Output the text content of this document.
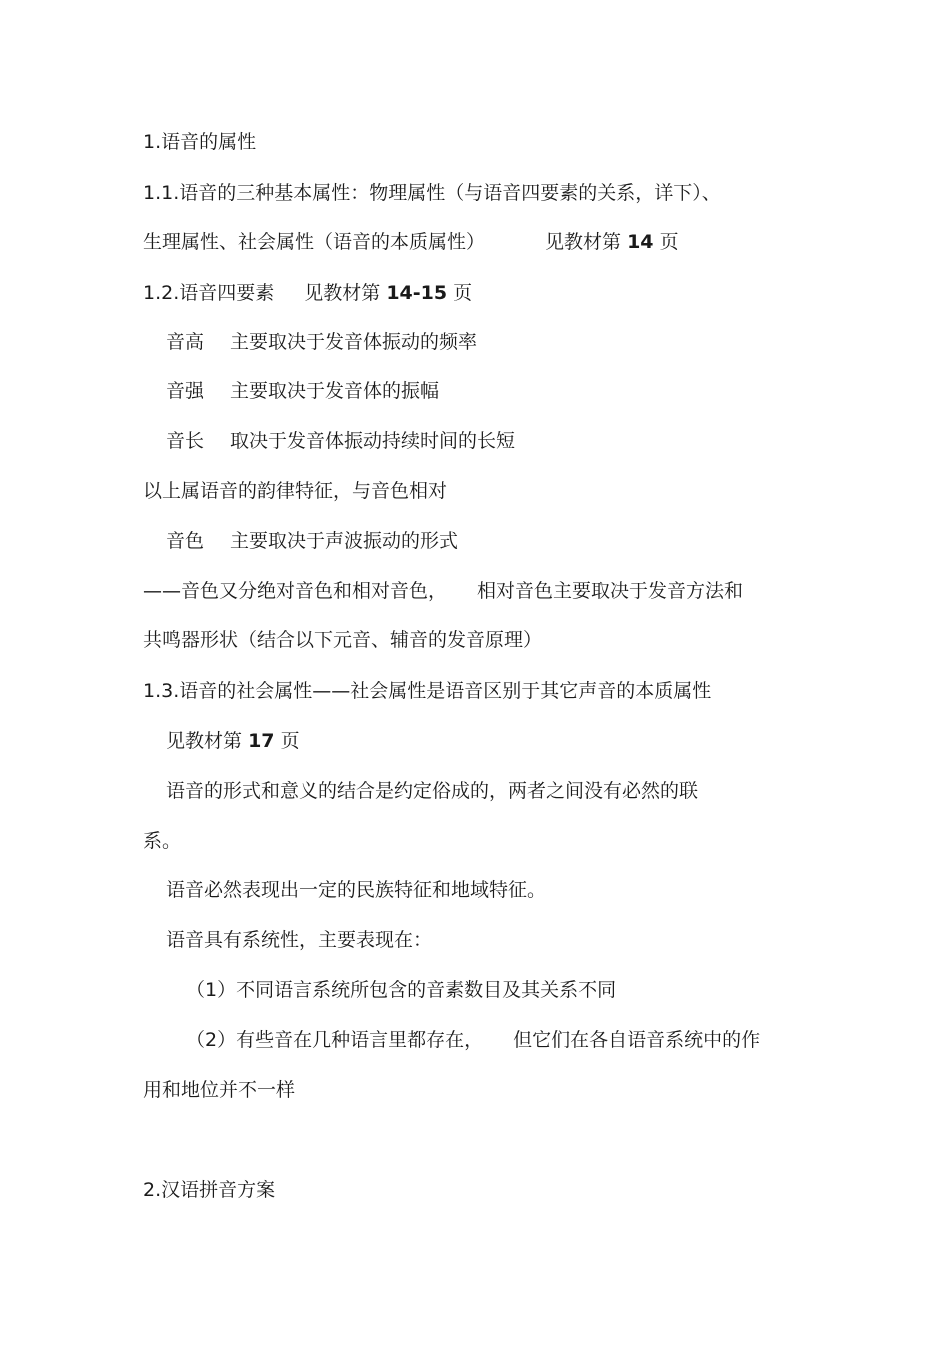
1.语音的属性
1.1.语音的三种基本属性：物理属性（与语音四要素的关系，详下）、
生理属性、社会属性（语音的本质属性）	见教材第 14 页
1.2.语音四要素 见教材第 14-15 页
音高 主要取决于发音体振动的频率
音强 主要取决于发音体的振幅
音长 取决于发音体振动持续时间的长短
以上属语音的韵律特征，与音色相对
音色 主要取决于声波振动的形式
——音色又分绝对音色和相对音色， 相对音色主要取决于发音方法和
共鸣器形状（结合以下元音、辅音的发音原理）
1.3.语音的社会属性——社会属性是语音区别于其它声音的本质属性
见教材第 17 页
语音的形式和意义的结合是约定俗成的，两者之间没有必然的联
系。
语音必然表现出一定的民族特征和地域特征。
语音具有系统性，主要表现在：
（1）不同语言系统所包含的音素数目及其关系不同
（2）有些音在几种语言里都存在， 但它们在各自语音系统中的作
用和地位并不一样
2.汉语拼音方案
